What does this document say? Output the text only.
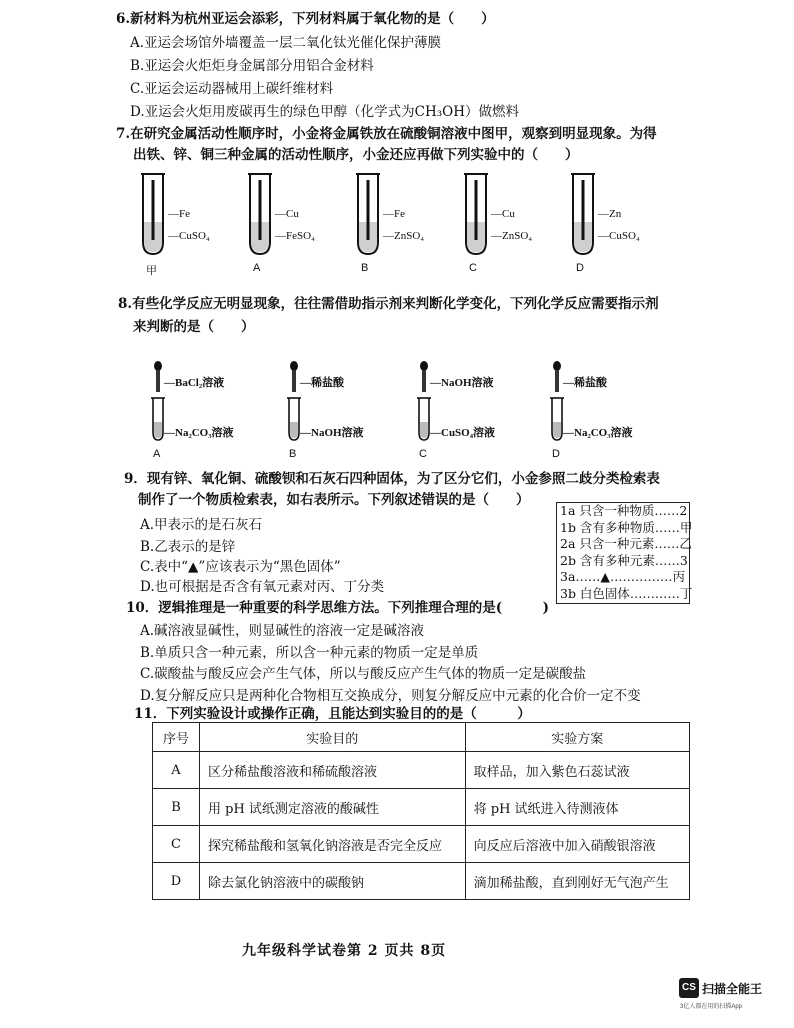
6.新材料为杭州亚运会添彩，下列材料属于氧化物的是（　　）
A.亚运会场馆外墙覆盖一层二氧化钛光催化保护薄膜
B.亚运会火炬炬身金属部分用铝合金材料
C.亚运会运动器械用上碳纤维材料
D.亚运会火炬用废碳再生的绿色甲醇（化学式为CH₃OH）做燃料
7.在研究金属活动性顺序时，小金将金属铁放在硫酸铜溶液中图甲，观察到明显现象。为得
出铁、锌、铜三种金属的活动性顺序，小金还应再做下列实验中的（　　）
—Fe
—CuSO₄
甲
—Cu
—FeSO₄
A
—Fe
—ZnSO₄
B
—Cu
—ZnSO₄
C
—Zn
—CuSO₄
D
8.有些化学反应无明显现象，往往需借助指示剂来判断化学变化，下列化学反应需要指示剂
来判断的是（　　）
—BaCl₂溶液
—Na₂CO₃溶液
A
—稀盐酸
—NaOH溶液
B
—NaOH溶液
—CuSO₄溶液
C
—稀盐酸
—Na₂CO₃溶液
D
9．现有锌、氧化铜、硫酸钡和石灰石四种固体，为了区分它们，小金参照二歧分类检索表
制作了一个物质检索表，如右表所示。下列叙述错误的是（　　）
A.甲表示的是石灰石
B.乙表示的是锌
C.表中“▲”应该表示为“黑色固体”
D.也可根据是否含有氧元素对丙、丁分类
1a 只含一种物质……2
1b 含有多种物质……甲
2a 只含一种元素……乙
2b 含有多种元素……3
3a……▲……………丙
3b 白色固体…………丁
10．逻辑推理是一种重要的科学思维方法。下列推理合理的是(　　　)
A.碱溶液显碱性，则显碱性的溶液一定是碱溶液
B.单质只含一种元素，所以含一种元素的物质一定是单质
C.碳酸盐与酸反应会产生气体，所以与酸反应产生气体的物质一定是碳酸盐
D.复分解反应只是两种化合物相互交换成分，则复分解反应中元素的化合价一定不变
11．下列实验设计或操作正确，且能达到实验目的的是（　　　）
序号	实验目的	实验方案
A	区分稀盐酸溶液和稀硫酸溶液	取样品，加入紫色石蕊试液
B	用 pH 试纸测定溶液的酸碱性	将 pH 试纸进入待测液体
C	探究稀盐酸和氢氧化钠溶液是否完全反应	向反应后溶液中加入硝酸银溶液
D	除去氯化钠溶液中的碳酸钠	滴加稀盐酸，直到刚好无气泡产生
九年级科学试卷第 2 页共 8页
CS 扫描全能王
3亿人都在用的扫描App
